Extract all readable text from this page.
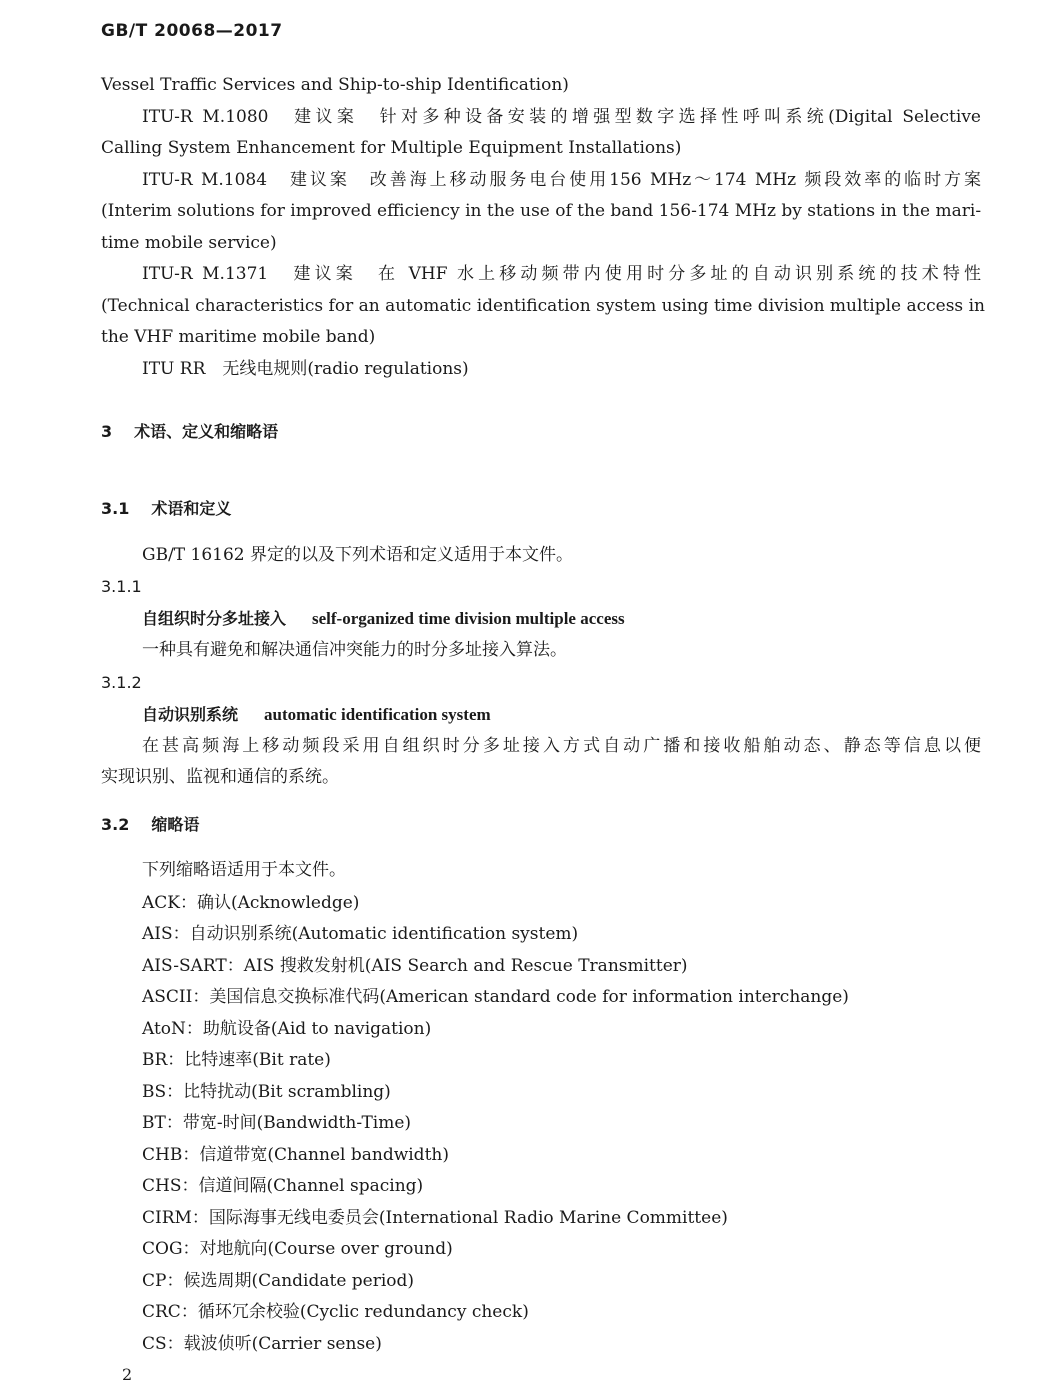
GB/T 20068—2017
Vessel Traffic Services and Ship-to-ship Identification)
ITU-R M.1080　建议案　针对多种设备安装的增强型数字选择性呼叫系统(Digital Selective
Calling System Enhancement for Multiple Equipment Installations)
ITU-R M.1084　建议案　改善海上移动服务电台使用156 MHz～174 MHz 频段效率的临时方案
(Interim solutions for improved efficiency in the use of the band 156-174 MHz by stations in the mari-
time mobile service)
ITU-R M.1371　建议案　在 VHF 水上移动频带内使用时分多址的自动识别系统的技术特性
(Technical characteristics for an automatic identification system using time division multiple access in
the VHF maritime mobile band)
ITU RR　无线电规则(radio regulations)
3 术语、定义和缩略语
3.1 术语和定义
GB/T 16162 界定的以及下列术语和定义适用于本文件。
3.1.1
自组织时分多址接入 self-organized time division multiple access
一种具有避免和解决通信冲突能力的时分多址接入算法。
3.1.2
自动识别系统 automatic identification system
在甚高频海上移动频段采用自组织时分多址接入方式自动广播和接收船舶动态、静态等信息以便
实现识别、监视和通信的系统。
3.2 缩略语
下列缩略语适用于本文件。
ACK：确认(Acknowledge)
AIS：自动识别系统(Automatic identification system)
AIS-SART：AIS 搜救发射机(AIS Search and Rescue Transmitter)
ASCII：美国信息交换标准代码(American standard code for information interchange)
AtoN：助航设备(Aid to navigation)
BR：比特速率(Bit rate)
BS：比特扰动(Bit scrambling)
BT：带宽-时间(Bandwidth-Time)
CHB：信道带宽(Channel bandwidth)
CHS：信道间隔(Channel spacing)
CIRM：国际海事无线电委员会(International Radio Marine Committee)
COG：对地航向(Course over ground)
CP：候选周期(Candidate period)
CRC：循环冗余校验(Cyclic redundancy check)
CS：载波侦听(Carrier sense)
2
